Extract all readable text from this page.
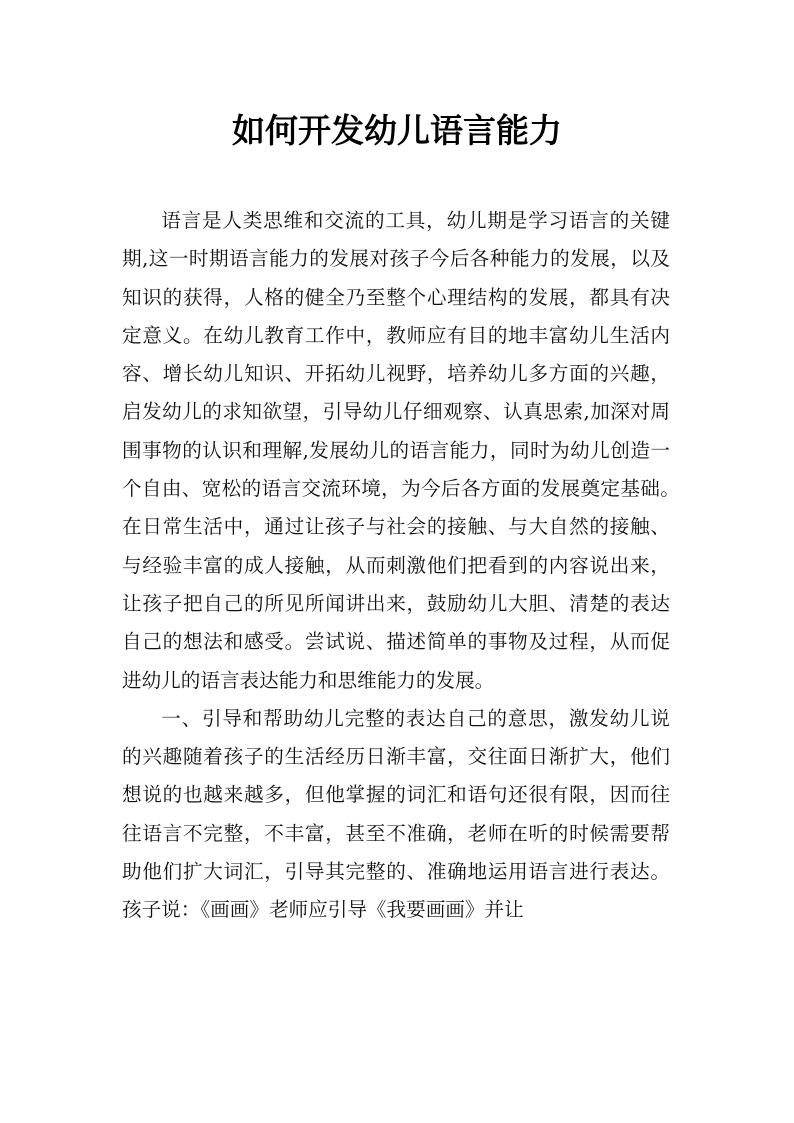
如何开发幼儿语言能力

语言是人类思维和交流的工具，幼儿期是学习语言的关键期,这一时期语言能力的发展对孩子今后各种能力的发展，以及知识的获得，人格的健全乃至整个心理结构的发展，都具有决定意义。在幼儿教育工作中，教师应有目的地丰富幼儿生活内容、增长幼儿知识、开拓幼儿视野，培养幼儿多方面的兴趣，启发幼儿的求知欲望，引导幼儿仔细观察、认真思索,加深对周围事物的认识和理解,发展幼儿的语言能力，同时为幼儿创造一个自由、宽松的语言交流环境，为今后各方面的发展奠定基础。　在日常生活中，通过让孩子与社会的接触、与大自然的接触、与经验丰富的成人接触，从而刺激他们把看到的内容说出来，让孩子把自己的所见所闻讲出来，鼓励幼儿大胆、清楚的表达自己的想法和感受。尝试说、描述简单的事物及过程，从而促进幼儿的语言表达能力和思维能力的发展。

一、引导和帮助幼儿完整的表达自己的意思，激发幼儿说的兴趣随着孩子的生活经历日渐丰富，交往面日渐扩大，他们想说的也越来越多，但他掌握的词汇和语句还很有限，因而往往语言不完整，不丰富，甚至不准确，老师在听的时候需要帮助他们扩大词汇，引导其完整的、准确地运用语言进行表达。孩子说：《画画》老师应引导《我要画画》并让
